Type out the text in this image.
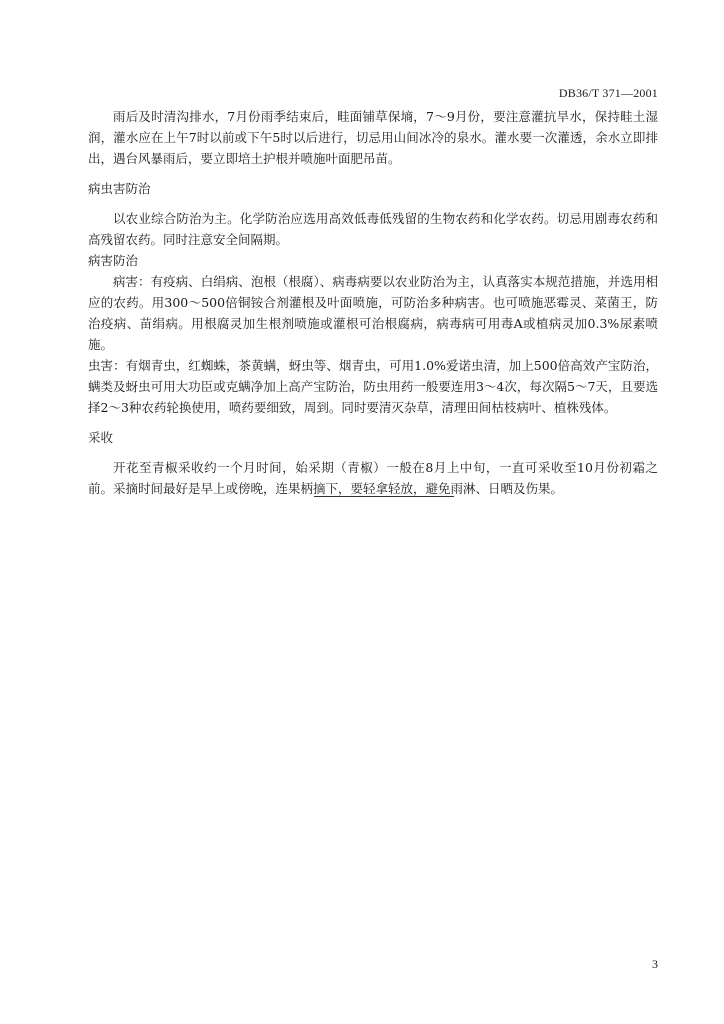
DB36/T 371—2001

雨后及时清沟排水，7月份雨季结束后，畦面铺草保墒，7～9月份，要注意灌抗旱水，保持畦土湿润，灌水应在上午7时以前或下午5时以后进行，切忌用山间冰冷的泉水。灌水要一次灌透，余水立即排出，遇台风暴雨后，要立即培土护根并喷施叶面肥吊苗。

病虫害防治

以农业综合防治为主。化学防治应选用高效低毒低残留的生物农药和化学农药。切忌用剧毒农药和高残留农药。同时注意安全间隔期。

病害防治

病害：有疫病、白绢病、泡根（根腐）、病毒病要以农业防治为主，认真落实本规范措施，并选用相应的农药。用300～500倍铜铵合剂灌根及叶面喷施，可防治多种病害。也可喷施恶霉灵、菜菌王，防治疫病、苗绢病。用根腐灵加生根剂喷施或灌根可治根腐病，病毒病可用毒A或植病灵加0.3%尿素喷施。

虫害：有烟青虫，红蜘蛛，茶黄螨，蚜虫等、烟青虫，可用1.0%爱诺虫清，加上500倍高效产宝防治，螨类及蚜虫可用大功臣或克螨净加上高产宝防治，防虫用药一般要连用3～4次，每次隔5～7天，且要选择2～3种农药轮换使用，喷药要细致，周到。同时要清灭杂草，清理田间枯枝病叶、植株残体。

采收

开花至青椒采收约一个月时间，始采期（青椒）一般在8月上中旬，一直可采收至10月份初霜之前。采摘时间最好是早上或傍晚，连果柄摘下，要轻拿轻放，避免雨淋、日晒及伤果。

3
